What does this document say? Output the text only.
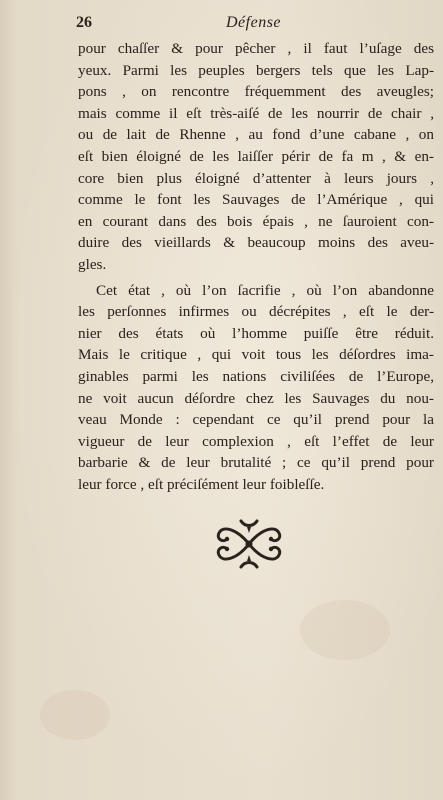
26	Défense
pour chaſſer & pour pêcher , il faut l’uſage des
yeux. Parmi les peuples bergers tels que les Lap-
pons , on rencontre fréquemment des aveugles;
mais comme il eſt très-aiſé de les nourrir de chair ,
ou de lait de Rhenne , au fond d’une cabane , on
eſt bien éloigné de les laiſſer périr de fa m , & en-
core bien plus éloigné d’attenter à leurs jours ,
comme le font les Sauvages de l’Amérique , qui
en courant dans des bois épais , ne ſauroient con-
duire des vieillards & beaucoup moins des aveu-
gles.
Cet état , où l’on ſacrifie , où l’on abandonne
les perſonnes infirmes ou décrépites , eſt le der-
nier des états où l’homme puiſſe être réduit.
Mais le critique , qui voit tous les déſordres ima-
ginables parmi les nations civiliſées de l’Europe,
ne voit aucun déſordre chez les Sauvages du nou-
veau Monde : cependant ce qu’il prend pour la
vigueur de leur complexion , eſt l’effet de leur
barbarie & de leur brutalité ; ce qu’il prend pour
leur force , eſt préciſément leur foibleſſe.
